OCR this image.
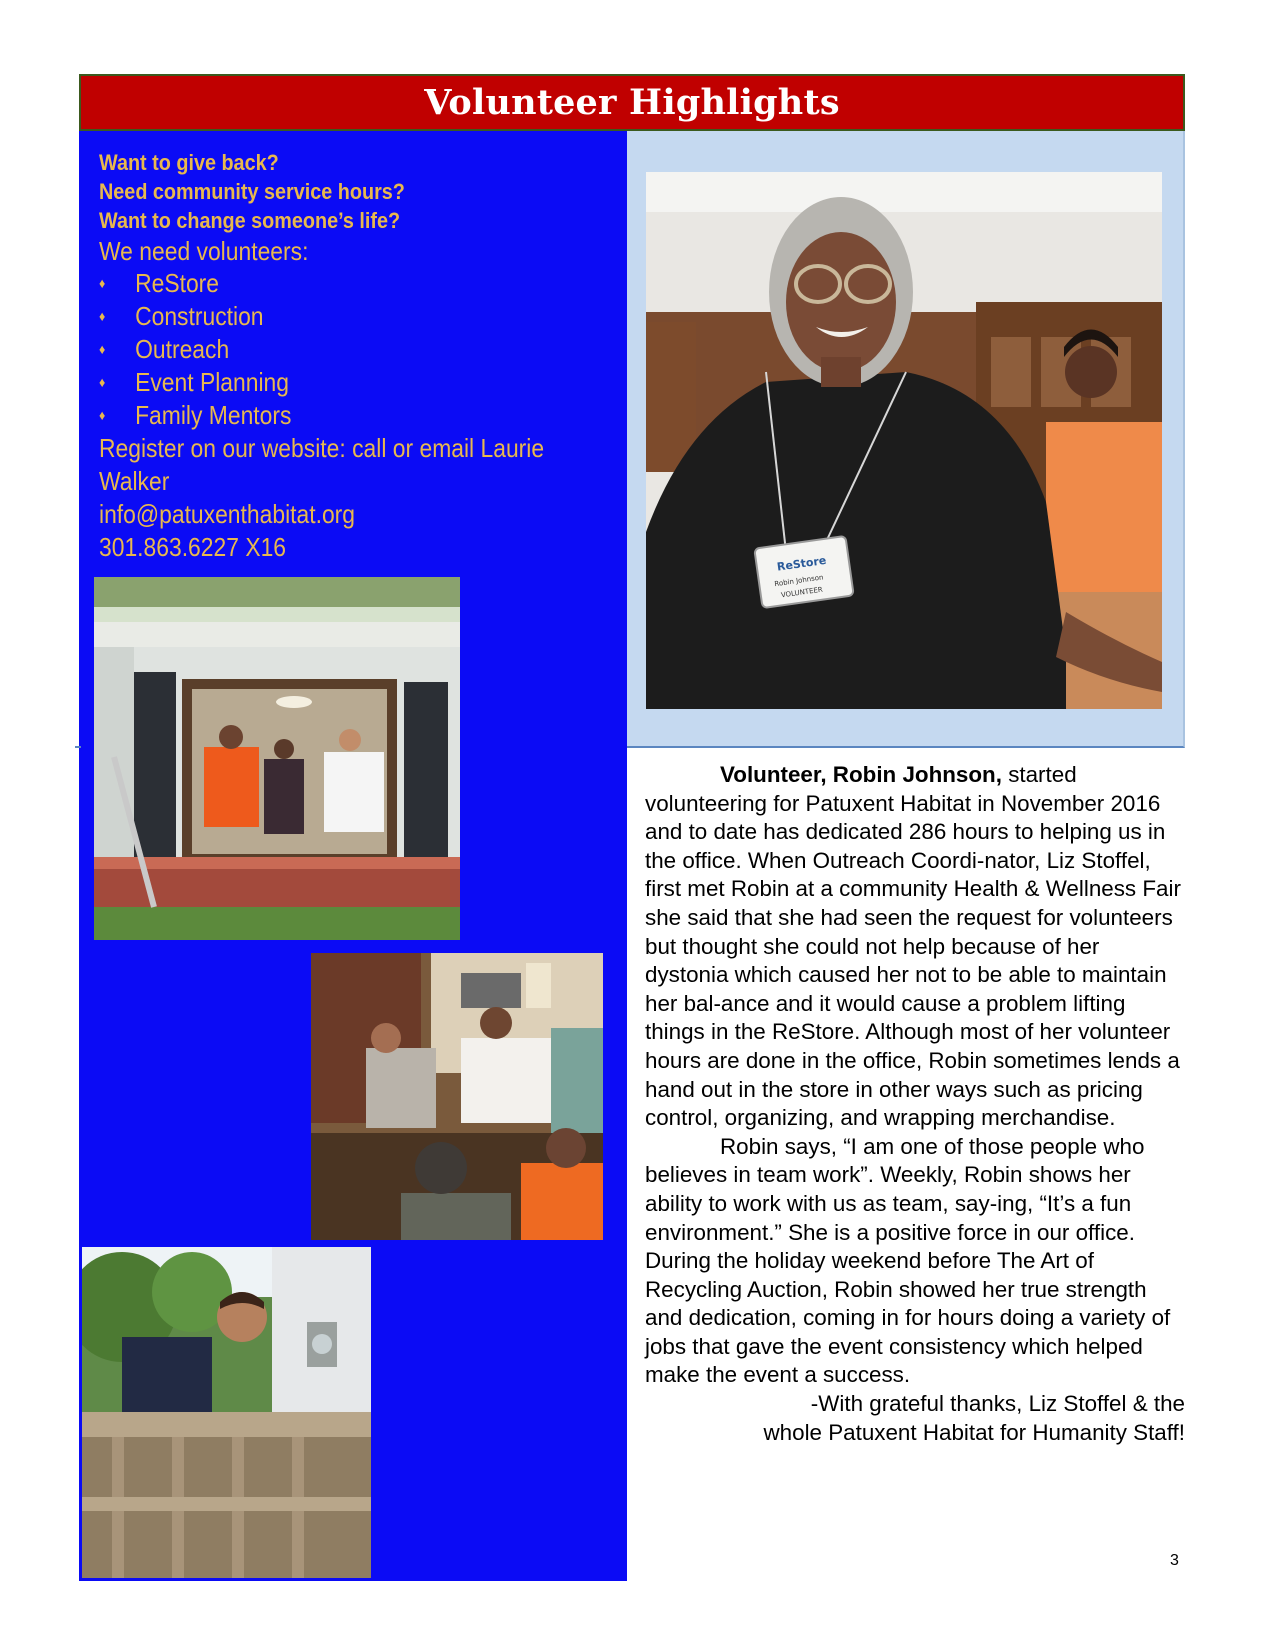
Volunteer Highlights

Want to give back?

Need community service hours?

Want to change someone’s life?

We need volunteers:

♦	ReStore
♦	Construction
♦	Outreach
♦	Event Planning
♦	Family Mentors

Register on our website: call or email Laurie Walker

info@patuxenthabitat.org

301.863.6227 X16

ReStore
Robin Johnson
VOLUNTEER

Volunteer, Robin Johnson, started volunteering for Patuxent Habitat in November 2016 and to date has dedicated 286 hours to helping us in the office. When Outreach Coordi-nator, Liz Stoffel, first met Robin at a community Health & Wellness Fair she said that she had seen the request for volunteers but thought she could not help because of her dystonia which caused her not to be able to maintain her bal-ance and it would cause a problem lifting things in the ReStore. Although most of her volunteer hours are done in the office, Robin sometimes lends a hand out in the store in other ways such as pricing control, organizing, and wrapping merchandise.

Robin says, “I am one of those people who believes in team work”. Weekly, Robin shows her ability to work with us as team, say-ing, “It’s a fun environment.” She is a positive force in our office. During the holiday weekend before The Art of Recycling Auction, Robin showed her true strength and dedication, coming in for hours doing a variety of jobs that gave the event consistency which helped make the event a success.

-With grateful thanks, Liz Stoffel & the

whole Patuxent Habitat for Humanity Staff!

3
